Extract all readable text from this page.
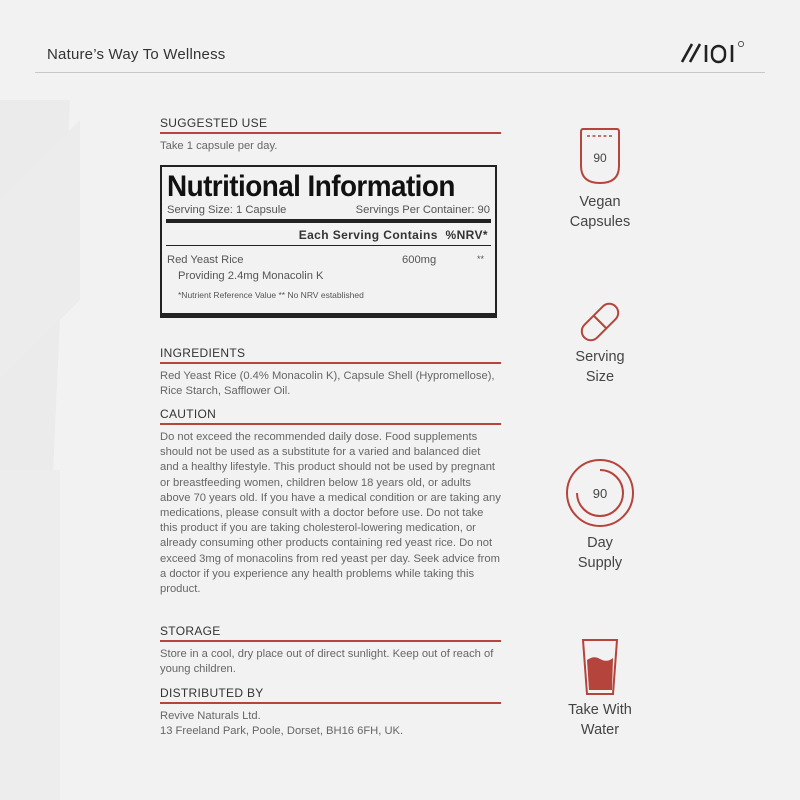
Nature’s Way To Wellness
SUGGESTED USE
Take 1 capsule per day.
Nutritional Information
Serving Size: 1 Capsule	Servings Per Container: 90
Each Serving Contains %NRV*
Red Yeast Rice	600mg	**
Providing 2.4mg Monacolin K
*Nutrient Reference Value ** No NRV established
INGREDIENTS
Red Yeast Rice (0.4% Monacolin K), Capsule Shell (Hypromellose), Rice Starch, Safflower Oil.
CAUTION
Do not exceed the recommended daily dose. Food supplements should not be used as a substitute for a varied and balanced diet and a healthy lifestyle. This product should not be used by pregnant or breastfeeding women, children below 18 years old, or adults above 70 years old. If you have a medical condition or are taking any medications, please consult with a doctor before use. Do not take this product if you are taking cholesterol-lowering medication, or already consuming other products containing red yeast rice. Do not exceed 3mg of monacolins from red yeast per day. Seek advice from a doctor if you experience any health problems while taking this product.
STORAGE
Store in a cool, dry place out of direct sunlight. Keep out of reach of young children.
DISTRIBUTED BY
Revive Naturals Ltd.
13 Freeland Park, Poole, Dorset, BH16 6FH, UK.
90
Vegan
Capsules
Serving
Size
90
Day
Supply
Take With
Water
